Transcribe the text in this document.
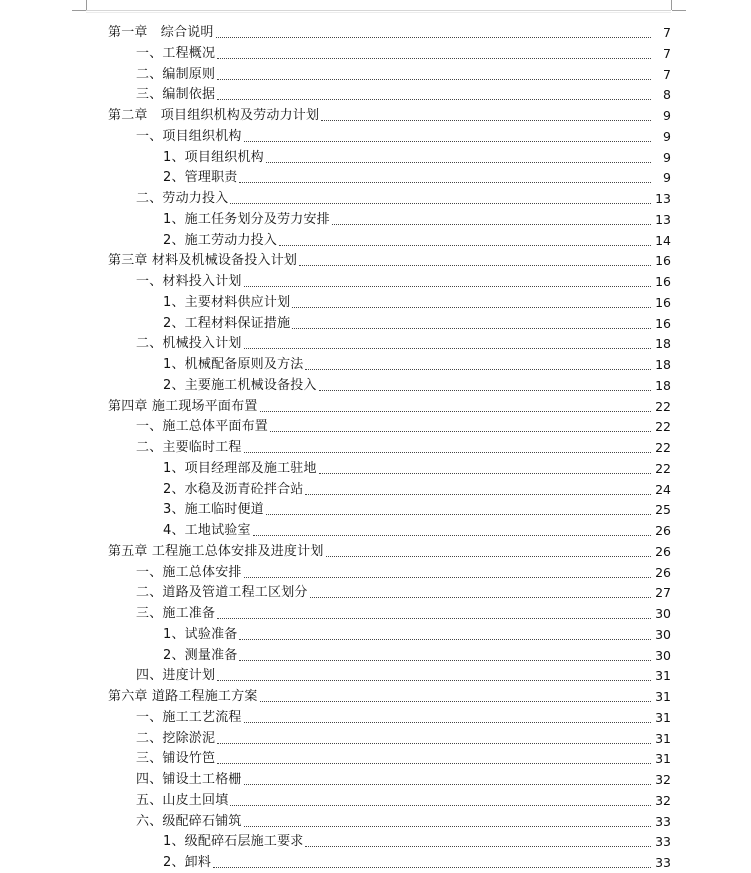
第一章　综合说明	7
一、工程概况	7
二、编制原则	7
三、编制依据	8
第二章　项目组织机构及劳动力计划	9
一、项目组织机构	9
1、项目组织机构	9
2、管理职责	9
二、劳动力投入	13
1、施工任务划分及劳力安排	13
2、施工劳动力投入	14
第三章 材料及机械设备投入计划	16
一、材料投入计划	16
1、主要材料供应计划	16
2、工程材料保证措施	16
二、机械投入计划	18
1、机械配备原则及方法	18
2、主要施工机械设备投入	18
第四章 施工现场平面布置	22
一、施工总体平面布置	22
二、主要临时工程	22
1、项目经理部及施工驻地	22
2、水稳及沥青砼拌合站	24
3、施工临时便道	25
4、工地试验室	26
第五章 工程施工总体安排及进度计划	26
一、施工总体安排	26
二、道路及管道工程工区划分	27
三、施工准备	30
1、试验准备	30
2、测量准备	30
四、进度计划	31
第六章 道路工程施工方案	31
一、施工工艺流程	31
二、挖除淤泥	31
三、铺设竹笆	31
四、铺设土工格栅	32
五、山皮土回填	32
六、级配碎石铺筑	33
1、级配碎石层施工要求	33
2、卸料	33
